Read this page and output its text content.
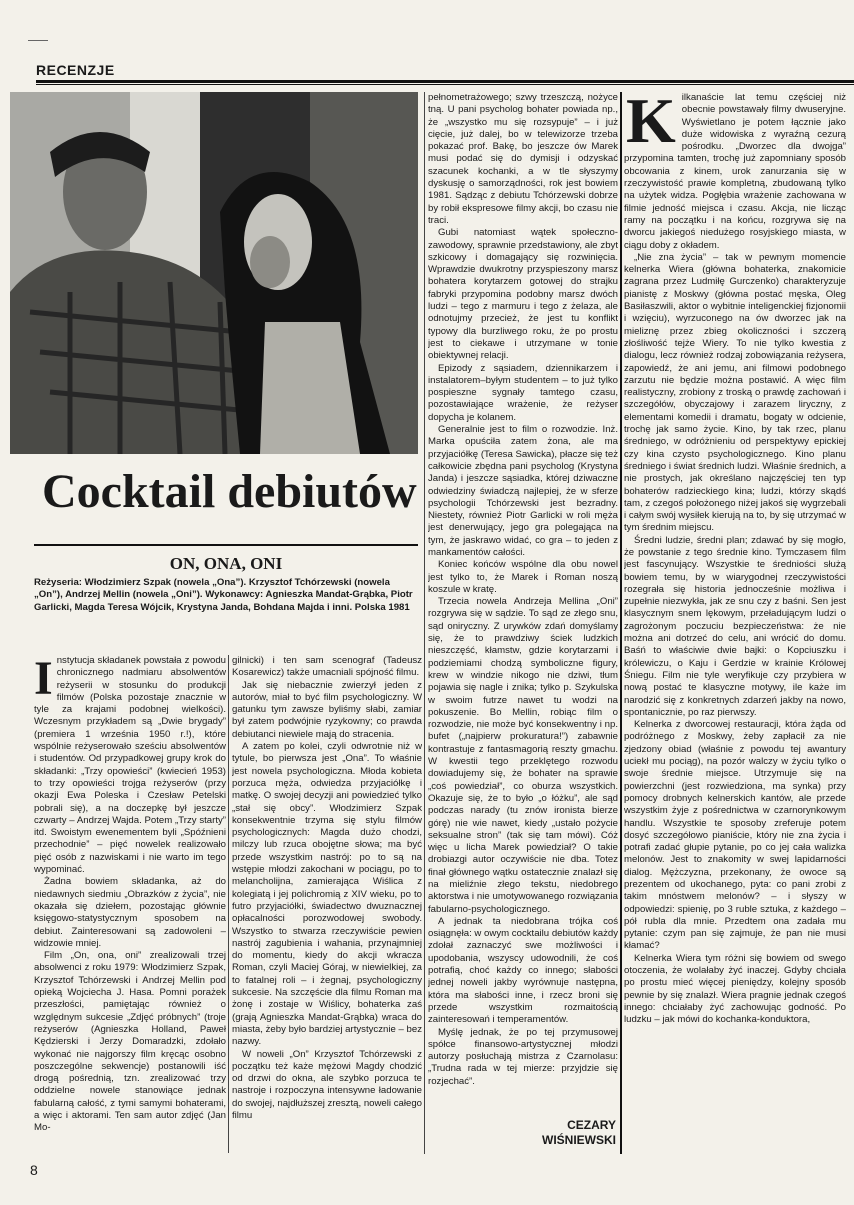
RECENZJE
Cocktail debiutów
ON, ONA, ONI
Reżyseria: Włodzimierz Szpak (nowela „Ona”). Krzysztof Tchórzewski (nowela „On”), Andrzej Mellin (nowela „Oni”). Wykonawcy: Agnieszka Mandat-Grąbka, Piotr Garlicki, Magda Teresa Wójcik, Krystyna Janda, Bohdana Majda i inni. Polska 1981

Instytucja składanek powstała z powodu chronicznego nadmiaru absolwentów reżyserii w stosunku do produkcji filmów (Polska pozostaje znacznie w tyle za krajami podobnej wielkości). Wczesnym przykładem są „Dwie brygady” (premiera 1 września 1950 r.!), które wspólnie reżyserowało sześciu absolwentów i studentów. Od przypadkowej grupy krok do składanki: „Trzy opowieści” (kwiecień 1953) to trzy opowieści trojga reżyserów (przy okazji Ewa Poleska i Czesław Petelski pobrali się), a na doczepkę był jeszcze czwarty – Andrzej Wajda. Potem „Trzy starty” itd. Swoistym ewenementem byli „Spóźnieni przechodnie” – pięć nowelek realizowało pięć osób z nazwiskami i nie warto im tego wypominać.

Żadna bowiem składanka, aż do niedawnych siedmiu „Obrazków z życia”, nie okazała się dziełem, pozostając głównie księgowo-statystycznym sposobem na debiut. Zainteresowani są zadowoleni – widzowie mniej.

Film „On, ona, oni” zrealizowali trzej absolwenci z roku 1979: Włodzimierz Szpak, Krzysztof Tchórzewski i Andrzej Mellin pod opieką Wojciecha J. Hasa. Pomni porażek przeszłości, pamiętając również o względnym sukcesie „Zdjęć próbnych” (troje reżyserów (Agnieszka Holland, Paweł Kędzierski i Jerzy Domaradzki, zdołało wykonać nie najgorszy film kręcąc osobno poszczególne sekwencje) postanowili iść drogą pośrednią, tzn. zrealizować trzy oddzielne nowele stanowiące jednak fabularną całość, z tymi samymi bohaterami, a więc i aktorami. Ten sam autor zdjęć (Jan Mo-

gilnicki) i ten sam scenograf (Tadeusz Kosarewicz) także umacniali spójność filmu.

Jak się niebacznie zwierzył jeden z autorów, miał to być film psychologiczny. W gatunku tym zawsze byliśmy słabi, zamiar był zatem podwójnie ryzykowny; co prawda debiutanci niewiele mają do stracenia.

A zatem po kolei, czyli odwrotnie niż w tytule, bo pierwsza jest „Ona”. To właśnie jest nowela psychologiczna. Młoda kobieta porzuca męża, odwiedza przyjaciółkę i matkę. O swojej decyzji ani powiedzieć tylko „stał się obcy”. Włodzimierz Szpak konsekwentnie trzyma się stylu filmów psychologicznych: Magda dużo chodzi, milczy lub rzuca obojętne słowa; ma być przede wszystkim nastrój: po to są na wstępie młodzi zakochani w pociągu, po to melancholijna, zamierająca Wiślica z kolegiatą i jej polichromią z XIV wieku, po to futro przyjaciółki, świadectwo dwuznacznej opłacalności porozwodowej swobody. Wszystko to stwarza rzeczywiście pewien nastrój zagubienia i wahania, przynajmniej do momentu, kiedy do akcji wkracza Roman, czyli Maciej Góraj, w niewielkiej, za to fatalnej roli – i żegnaj, psychologiczny sukcesie. Na szczęście dla filmu Roman ma żonę i zostaje w Wiślicy, bohaterka zaś (grają Agnieszka Mandat-Grąbka) wraca do miasta, żeby było bardziej artystycznie – bez nazwy.

W noweli „On” Krzysztof Tchórzewski z początku też każe mężowi Magdy chodzić od drzwi do okna, ale szybko porzuca te nastroje i rozpoczyna intensywne ładowanie do swojej, najdłuższej zresztą, noweli całego filmu

pełnometrażowego; szwy trzeszczą, nożyce tną. U pani psycholog bohater powiada np., że „wszystko mu się rozsypuje” – i już cięcie, już dalej, bo w telewizorze trzeba pokazać prof. Bakę, bo jeszcze ów Marek musi podać się do dymisji i odzyskać szacunek kochanki, a w tle słyszymy dyskusję o samorządności, rok jest bowiem 1981. Sądząc z debiutu Tchórzewski dobrze by robił ekspresowe filmy akcji, bo czasu nie traci.

Gubi natomiast wątek społeczno-zawodowy, sprawnie przedstawiony, ale zbyt szkicowy i domagający się rozwinięcia. Wprawdzie dwukrotny przyspieszony marsz bohatera korytarzem gotowej do strajku fabryki przypomina podobny marsz dwóch ludzi – tego z marmuru i tego z żelaza, ale odnotujmy przecież, że jest tu konflikt typowy dla burzliwego roku, że po prostu jest to ciekawe i utrzymane w tonie obiektywnej relacji.

Epizody z sąsiadem, dziennikarzem i instalatorem–byłym studentem – to już tylko pospieszne sygnały tamtego czasu, pozostawiające wrażenie, że reżyser dopycha je kolanem.

Generalnie jest to film o rozwodzie. Inż. Marka opuściła zatem żona, ale ma przyjaciółkę (Teresa Sawicka), płacze się też całkowicie zbędna pani psycholog (Krystyna Janda) i jeszcze sąsiadka, której dziwaczne odwiedziny świadczą najlepiej, że w sferze psychologii Tchórzewski jest bezradny. Niestety, również Piotr Garlicki w roli męża jest denerwujący, jego gra polegająca na tym, że jaskrawo widać, co gra – to jeden z mankamentów całości.

Koniec końców wspólne dla obu nowel jest tylko to, że Marek i Roman noszą koszule w kratę.

Trzecia nowela Andrzeja Mellina „Oni” rozgrywa się w sądzie. To sąd ze złego snu, sąd oniryczny. Z urywków zdań domyślamy się, że to prawdziwy ściek ludzkich nieszczęść, kłamstw, gdzie korytarzami i podziemiami chodzą symboliczne figury, krew w windzie nikogo nie dziwi, tłum pojawia się nagle i znika; tylko p. Szykulska w swoim futrze nawet tu wodzi na pokuszenie. Bo Mellin, robiąc film o rozwodzie, nie może być konsekwentny i np. bufet („najpierw prokuratura!”) zabawnie kontrastuje z fantasmagorią reszty gmachu. W kwestii tego przeklętego rozwodu dowiadujemy się, że bohater na sprawie „coś powiedział”, co oburza wszystkich. Okazuje się, że to było „o łóżku”, ale sąd podczas narady (tu znów ironista bierze górę) nie wie nawet, kiedy „ustało pożycie seksualne stron” (tak się tam mówi). Cóż więc u licha Marek powiedział? O takie drobiazgi autor oczywiście nie dba. Totez finał głównego wątku ostatecznie znalazł się na mieliźnie złego tekstu, niedobrego aktorstwa i nie umotywowanego rozwiązania fabularno-psychologicznego.

A jednak ta niedobrana trójka coś osiągnęła: w owym cocktailu debiutów każdy zdołał zaznaczyć swe możliwości i upodobania, wszyscy udowodnili, że coś potrafią, choć każdy co innego; słabości jednej noweli jakby wyrównuje następna, która ma słabości inne, i rzecz broni się przede wszystkim rozmaitością zainteresowań i temperamentów.

Myślę jednak, że po tej przymusowej spółce finansowo-artystycznej młodzi autorzy posłuchają mistrza z Czarnolasu: „Trudna rada w tej mierze: przyjdzie się rozjechać”.

CEZARY WIŚNIEWSKI

Kilkanaście lat temu częściej niż obecnie powstawały filmy dwuseryjne. Wyświetlano je potem łącznie jako duże widowiska z wyraźną cezurą pośrodku. „Dworzec dla dwojga” przypomina tamten, trochę już zapomniany sposób obcowania z kinem, urok zanurzania się w rzeczywistość prawie kompletną, zbudowaną tylko na użytek widza. Pogłębia wrażenie zachowana w filmie jedność miejsca i czasu. Akcja, nie licząc ramy na początku i na końcu, rozgrywa się na dworcu jakiegoś niedużego rosyjskiego miasta, w ciągu doby z okładem.

„Nie zna życia” – tak w pewnym momencie kelnerka Wiera (główna bohaterka, znakomicie zagrana przez Ludmiłę Gurczenko) charakteryzuje pianistę z Moskwy (główna postać męska, Oleg Basiłaszwili, aktor o wybitnie inteligenckiej fizjonomii i wzięciu), wyrzuconego na ów dworzec jak na mieliznę przez zbieg okoliczności i szczerą złośliwość tejże Wiery. To nie tylko kwestia z dialogu, lecz również rodzaj zobowiązania reżysera, zapowiedź, że ani jemu, ani filmowi podobnego zarzutu nie będzie można postawić. A więc film realistyczny, zrobiony z troską o prawdę zachowań i szczegółów, obyczajowy i zarazem liryczny, z elementami komedii i dramatu, bogaty w odcienie, trochę jak samo życie. Kino, by tak rzec, planu średniego, w odróżnieniu od perspektywy epickiej czy kina czysto psychologicznego. Kino planu średniego i świat średnich ludzi. Właśnie średnich, a nie prostych, jak określano najczęściej ten typ bohaterów radzieckiego kina; ludzi, którzy skądś tam, z czegoś położonego niżej jakoś się wygrzebali i całym swój wysiłek kierują na to, by się utrzymać w tym średnim miejscu.

Średni ludzie, średni plan; zdawać by się mogło, że powstanie z tego średnie kino. Tymczasem film jest fascynujący. Wszystkie te średniości służą bowiem temu, by w wiarygodnej rzeczywistości rozegrała się historia jednocześnie możliwa i zupełnie niezwykła, jak ze snu czy z baśni. Sen jest klasycznym snem lękowym, przeładującym ludzi o zagrożonym poczuciu bezpieczeństwa: że nie można ani dotrzeć do celu, ani wrócić do domu. Baśń to właściwie dwie bajki: o Kopciuszku i królewiczu, o Kaju i Gerdzie w krainie Królowej Śniegu. Film nie tyle weryfikuje czy przybiera w nową postać te klasyczne motywy, ile każe im narodzić się z konkretnych zdarzeń jakby na nowo, spontanicznie, po raz pierwszy.

Kelnerka z dworcowej restauracji, która żąda od podróżnego z Moskwy, żeby zapłacił za nie zjedzony obiad (właśnie z powodu tej awantury uciekł mu pociąg), na pozór walczy w życiu tylko o swoje średnie miejsce. Utrzymuje się na powierzchni (jest rozwiedziona, ma synka) przy pomocy drobnych kelnerskich kantów, ale przede wszystkim żyje z pośrednictwa w czarnorynkowym handlu. Wszystkie te sposoby zreferuje potem dosyć szczegółowo pianiście, który nie zna życia i potrafi zadać głupie pytanie, po co jej cała walizka melonów. Jest to znakomity w swej lapidarności dialog. Mężczyzna, przekonany, że owoce są prezentem od ukochanego, pyta: co pani zrobi z takim mnóstwem melonów? – i słyszy w odpowiedzi: spienię, po 3 ruble sztuka, z każdego – pół rubla dla mnie. Przedtem ona zadała mu pytanie: czym pan się zajmuje, że pan nie musi kłamać?

Kelnerka Wiera tym różni się bowiem od swego otoczenia, że wolałaby żyć inaczej. Gdyby chciała po prostu mieć więcej pieniędzy, kolejny sposób pewnie by się znalazł. Wiera pragnie jednak czegoś innego: chciałaby żyć zachowując godność. Po ludzku – jak mówi do kochanka-konduktora,

8
